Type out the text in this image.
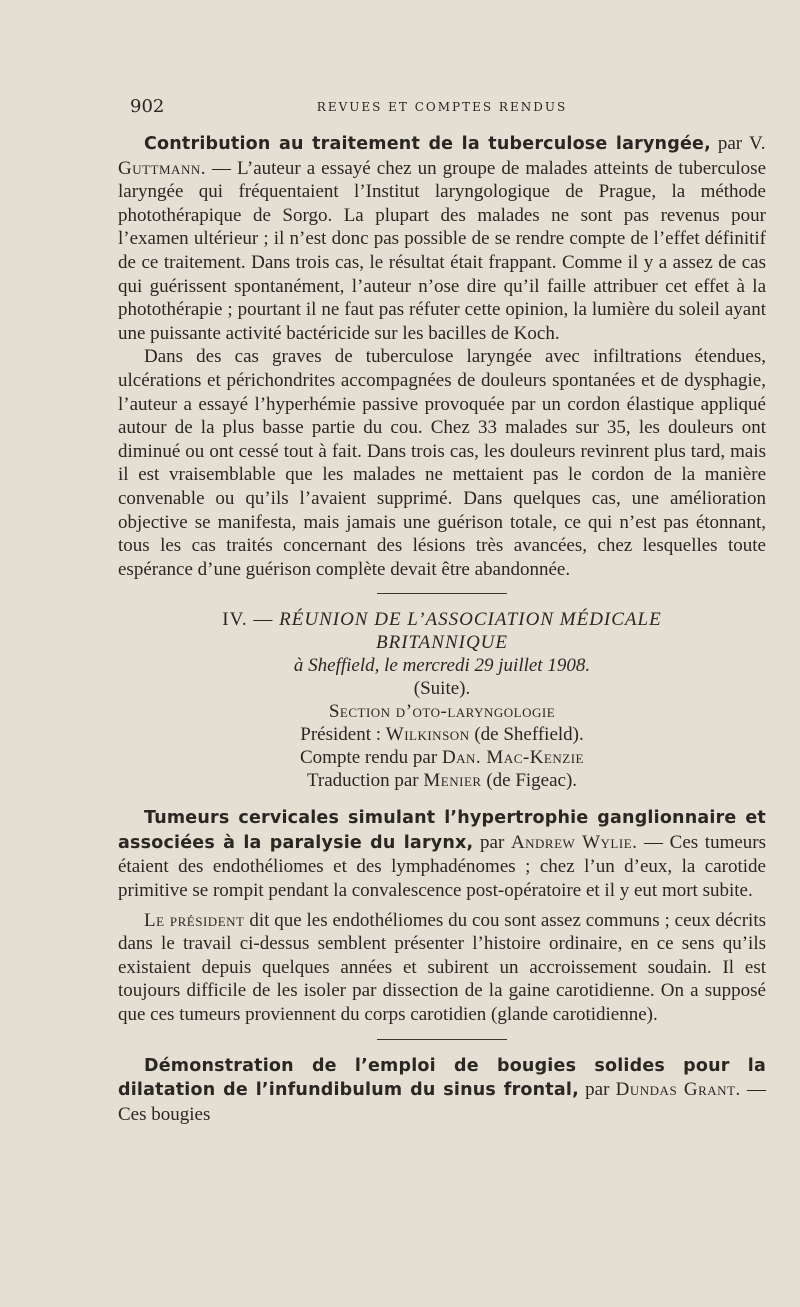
902	REVUES ET COMPTES RENDUS

Contribution au traitement de la tuberculose laryngée, par V. Guttmann. — L’auteur a essayé chez un groupe de malades atteints de tuberculose laryngée qui fréquentaient l’Institut laryngologique de Prague, la méthode photothérapique de Sorgo. La plupart des malades ne sont pas revenus pour l’examen ultérieur ; il n’est donc pas possible de se rendre compte de l’effet définitif de ce traitement. Dans trois cas, le résultat était frappant. Comme il y a assez de cas qui guérissent spontanément, l’auteur n’ose dire qu’il faille attribuer cet effet à la photothérapie ; pourtant il ne faut pas réfuter cette opinion, la lumière du soleil ayant une puissante activité bactéricide sur les bacilles de Koch.

Dans des cas graves de tuberculose laryngée avec infiltrations étendues, ulcérations et périchondrites accompagnées de douleurs spontanées et de dysphagie, l’auteur a essayé l’hyperhémie passive provoquée par un cordon élastique appliqué autour de la plus basse partie du cou. Chez 33 malades sur 35, les douleurs ont diminué ou ont cessé tout à fait. Dans trois cas, les douleurs revinrent plus tard, mais il est vraisemblable que les malades ne mettaient pas le cordon de la manière convenable ou qu’ils l’avaient supprimé. Dans quelques cas, une amélioration objective se manifesta, mais jamais une guérison totale, ce qui n’est pas étonnant, tous les cas traités concernant des lésions très avancées, chez lesquelles toute espérance d’une guérison complète devait être abandonnée.

IV. — RÉUNION DE L’ASSOCIATION MÉDICALE
BRITANNIQUE
à Sheffield, le mercredi 29 juillet 1908.
(Suite).
Section d’oto-laryngologie
Président : Wilkinson (de Sheffield).
Compte rendu par Dan. Mac-Kenzie
Traduction par Menier (de Figeac).

Tumeurs cervicales simulant l’hypertrophie ganglionnaire et associées à la paralysie du larynx, par Andrew Wylie. — Ces tumeurs étaient des endothéliomes et des lymphadénomes ; chez l’un d’eux, la carotide primitive se rompit pendant la convalescence post-opératoire et il y eut mort subite.

Le président dit que les endothéliomes du cou sont assez communs ; ceux décrits dans le travail ci-dessus semblent présenter l’histoire ordinaire, en ce sens qu’ils existaient depuis quelques années et subirent un accroissement soudain. Il est toujours difficile de les isoler par dissection de la gaine carotidienne. On a supposé que ces tumeurs proviennent du corps carotidien (glande carotidienne).

Démonstration de l’emploi de bougies solides pour la dilatation de l’infundibulum du sinus frontal, par Dundas Grant. — Ces bougies
